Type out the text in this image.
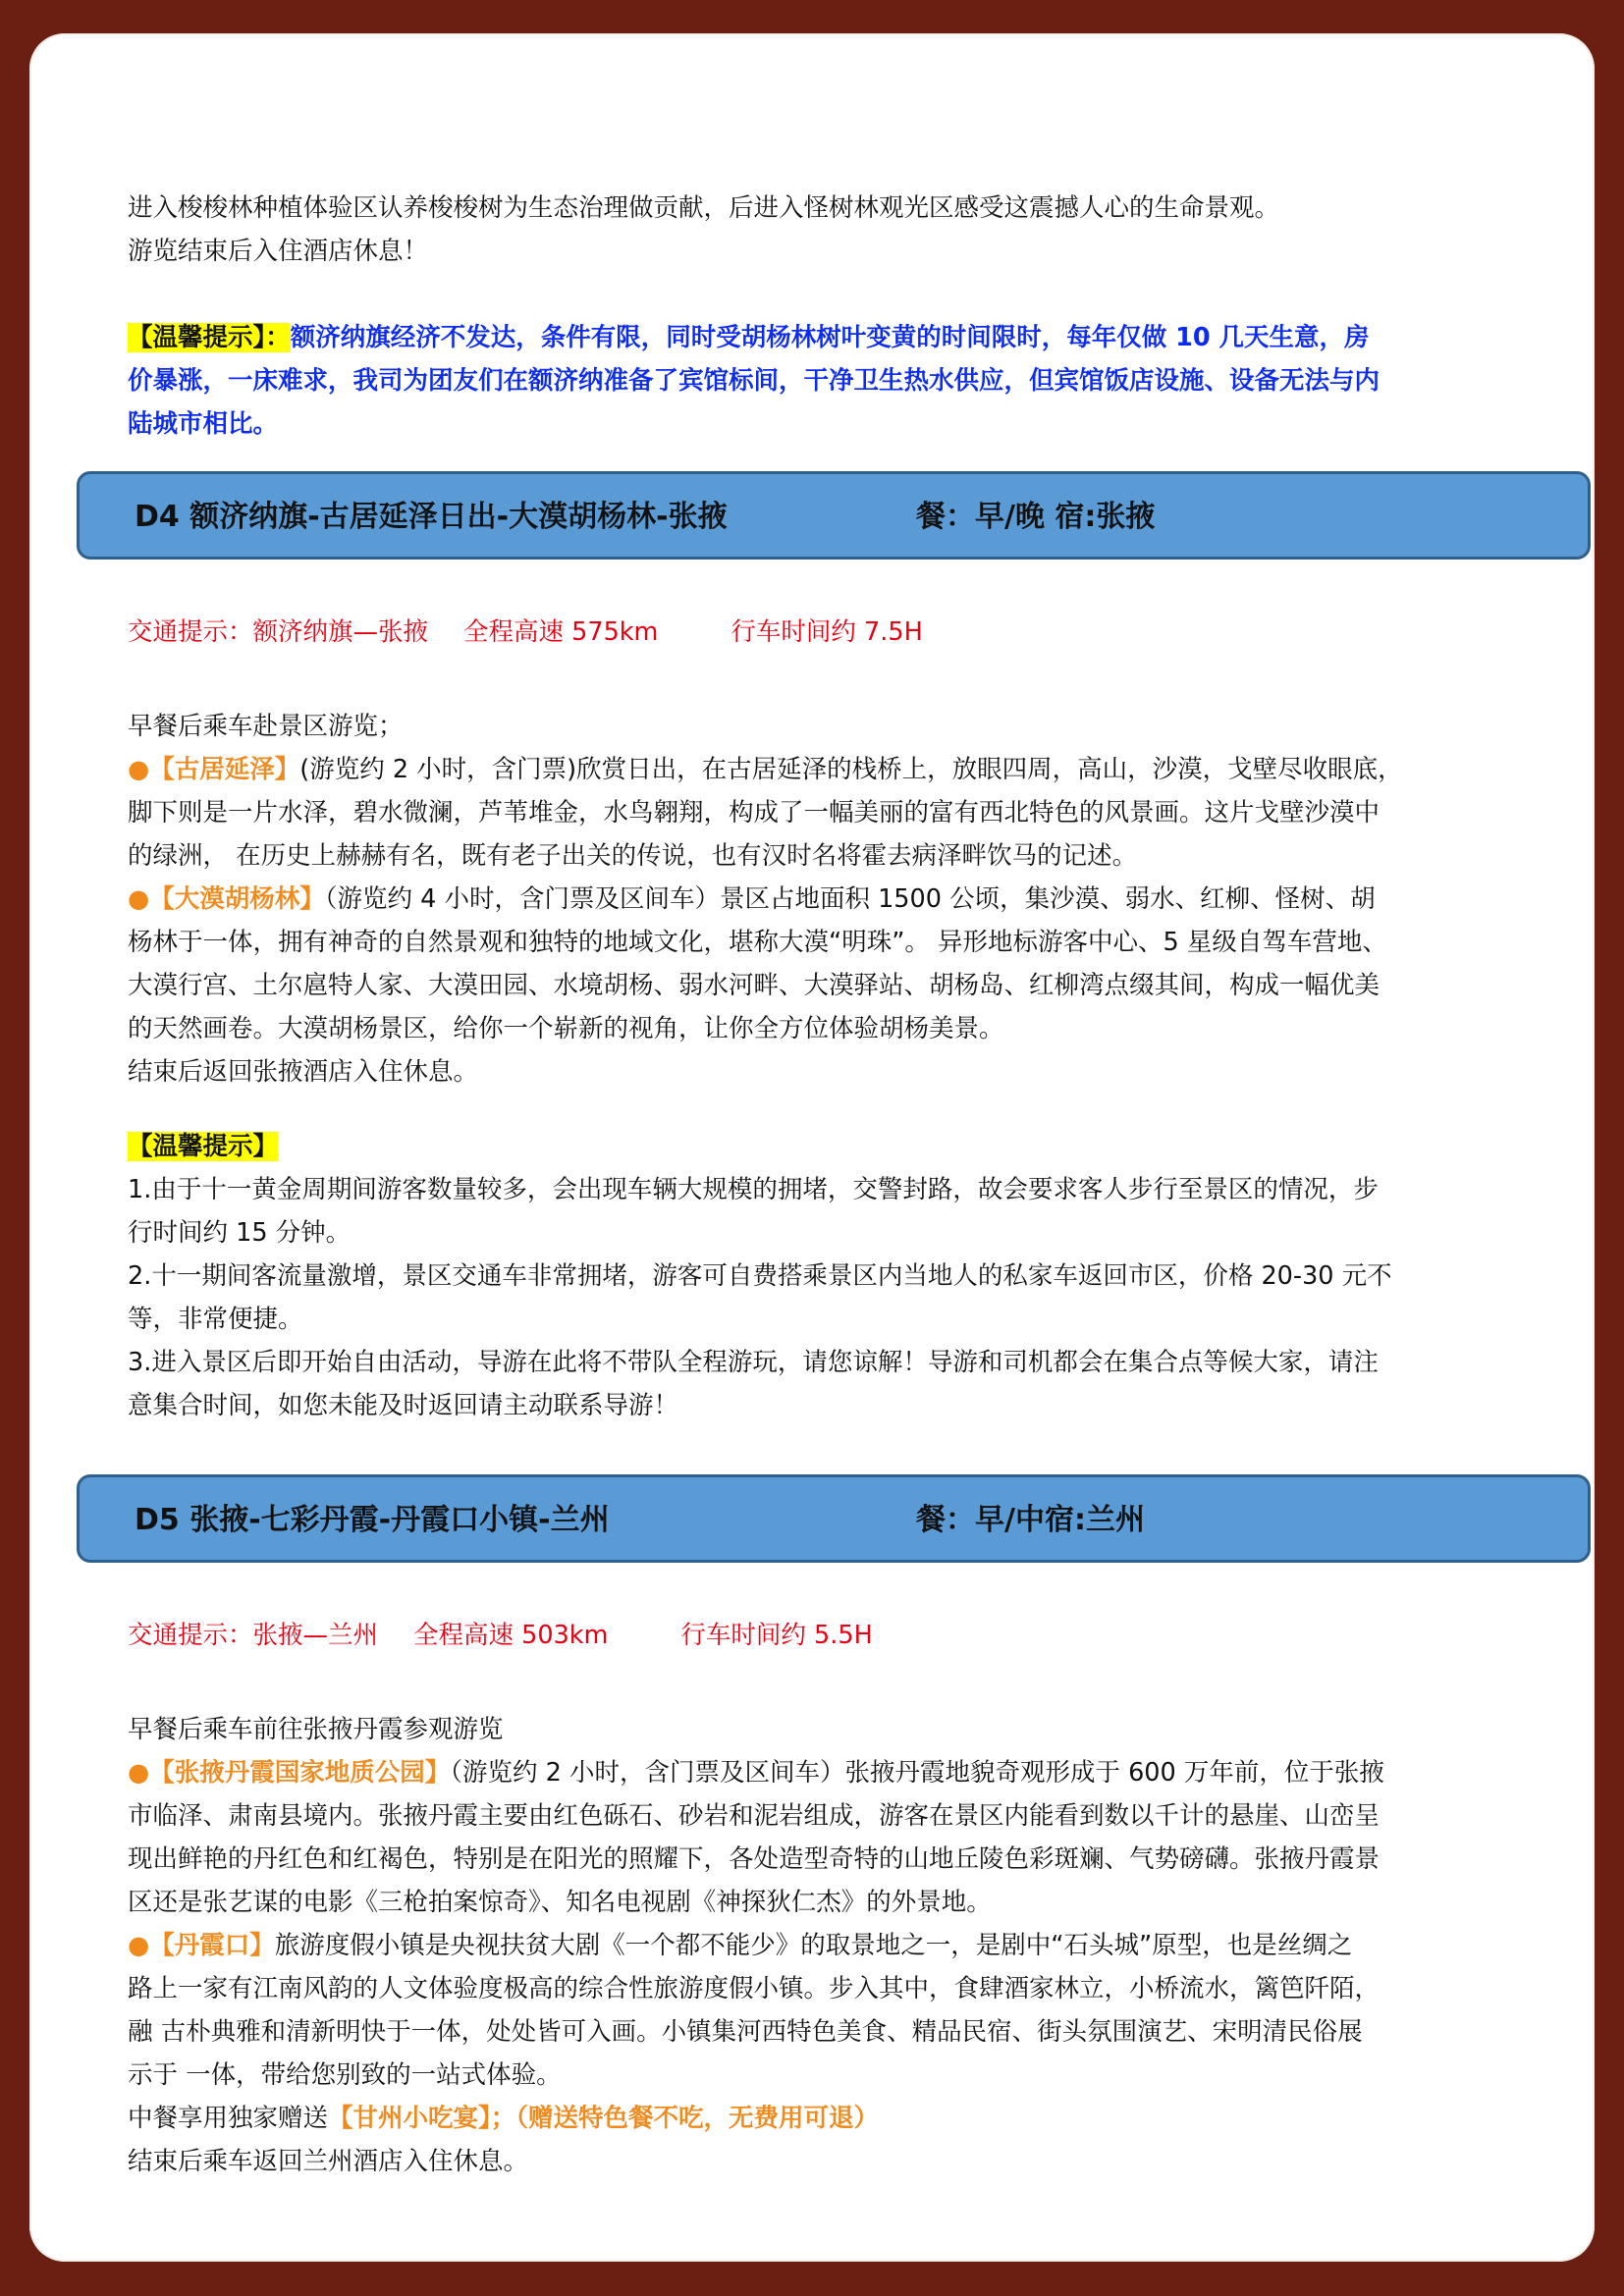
进入梭梭林种植体验区认养梭梭树为生态治理做贡献，后进入怪树林观光区感受这震撼人心的生命景观。
游览结束后入住酒店休息！
【温馨提示】：额济纳旗经济不发达，条件有限，同时受胡杨林树叶变黄的时间限时，每年仅做 10 几天生意，房
价暴涨，一床难求，我司为团友们在额济纳准备了宾馆标间，干净卫生热水供应，但宾馆饭店设施、设备无法与内
陆城市相比。
交通提示：额济纳旗—张掖 全程高速 575km	行车时间约 7.5H
早餐后乘车赴景区游览；
●【古居延泽】(游览约 2 小时，含门票)欣赏日出，在古居延泽的栈桥上，放眼四周，高山，沙漠，戈壁尽收眼底，
脚下则是一片水泽，碧水微澜，芦苇堆金，水鸟翱翔，构成了一幅美丽的富有西北特色的风景画。这片戈壁沙漠中
的绿洲， 在历史上赫赫有名，既有老子出关的传说，也有汉时名将霍去病泽畔饮马的记述。
●【大漠胡杨林】（游览约 4 小时，含门票及区间车）景区占地面积 1500 公顷，集沙漠、弱水、红柳、怪树、胡
杨林于一体，拥有神奇的自然景观和独特的地域文化，堪称大漠“明珠”。 异形地标游客中心、5 星级自驾车营地、
大漠行宫、土尔扈特人家、大漠田园、水境胡杨、弱水河畔、大漠驿站、胡杨岛、红柳湾点缀其间，构成一幅优美
的天然画卷。大漠胡杨景区，给你一个崭新的视角，让你全方位体验胡杨美景。
结束后返回张掖酒店入住休息。
【温馨提示】
1.由于十一黄金周期间游客数量较多，会出现车辆大规模的拥堵，交警封路，故会要求客人步行至景区的情况，步
行时间约 15 分钟。
2.十一期间客流量激增，景区交通车非常拥堵，游客可自费搭乘景区内当地人的私家车返回市区，价格 20-30 元不
等，非常便捷。
3.进入景区后即开始自由活动，导游在此将不带队全程游玩，请您谅解！导游和司机都会在集合点等候大家，请注
意集合时间，如您未能及时返回请主动联系导游！
交通提示：张掖—兰州 全程高速 503km	行车时间约 5.5H
早餐后乘车前往张掖丹霞参观游览
●【张掖丹霞国家地质公园】（游览约 2 小时，含门票及区间车）张掖丹霞地貌奇观形成于 600 万年前，位于张掖
市临泽、肃南县境内。张掖丹霞主要由红色砾石、砂岩和泥岩组成，游客在景区内能看到数以千计的悬崖、山峦呈
现出鲜艳的丹红色和红褐色，特别是在阳光的照耀下，各处造型奇特的山地丘陵色彩斑斓、气势磅礴。张掖丹霞景
区还是张艺谋的电影《三枪拍案惊奇》、知名电视剧《神探狄仁杰》的外景地。
●【丹霞口】旅游度假小镇是央视扶贫大剧《一个都不能少》的取景地之一，是剧中“石头城”原型，也是丝绸之
路上一家有江南风韵的人文体验度极高的综合性旅游度假小镇。步入其中，食肆酒家林立，小桥流水，篱笆阡陌，
融 古朴典雅和清新明快于一体，处处皆可入画。小镇集河西特色美食、精品民宿、街头氛围演艺、宋明清民俗展
示于 一体，带给您别致的一站式体验。
中餐享用独家赠送【甘州小吃宴】；（赠送特色餐不吃，无费用可退）
结束后乘车返回兰州酒店入住休息。
D4 额济纳旗-古居延泽日出-大漠胡杨林-张掖	餐：早/晚 宿:张掖
D5 张掖-七彩丹霞-丹霞口小镇-兰州	餐：早/中宿:兰州
